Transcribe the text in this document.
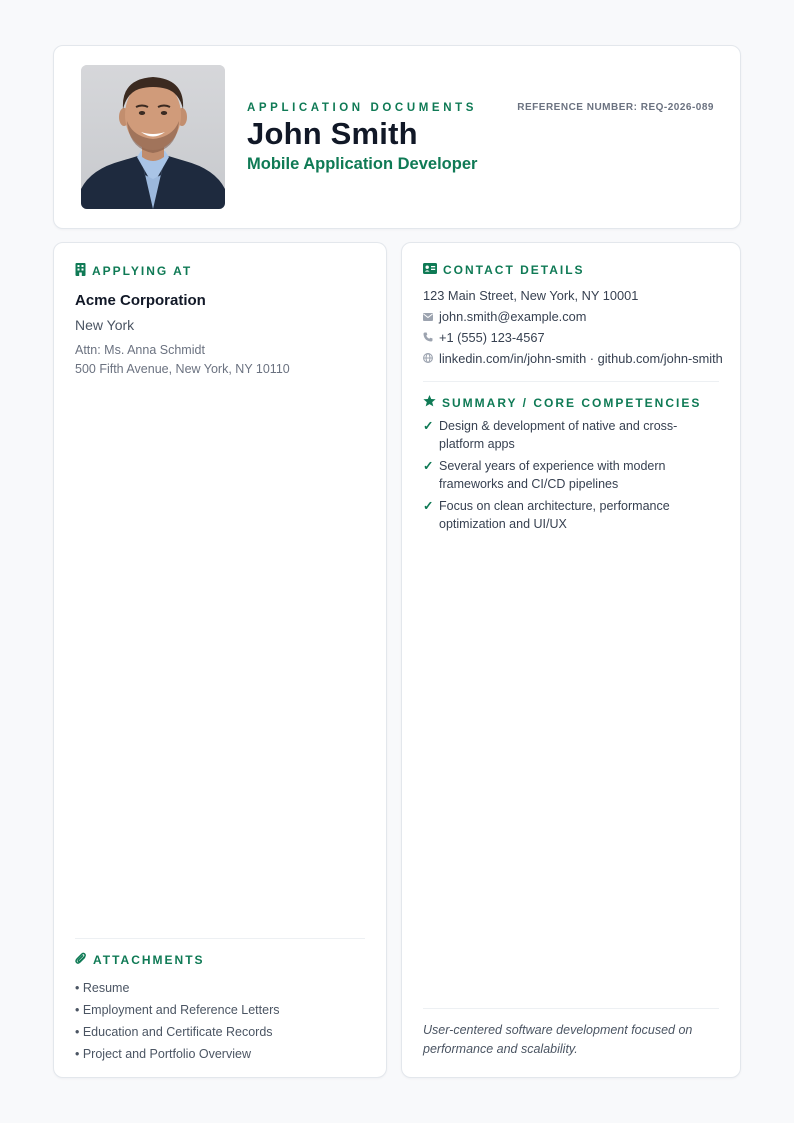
APPLICATION DOCUMENTS	REFERENCE NUMBER: REQ-2026-089
John Smith
Mobile Application Developer
APPLYING AT
Acme Corporation
New York
Attn: Ms. Anna Schmidt
500 Fifth Avenue, New York, NY 10110
ATTACHMENTS
• Resume
• Employment and Reference Letters
• Education and Certificate Records
• Project and Portfolio Overview
CONTACT DETAILS
123 Main Street, New York, NY 10001
john.smith@example.com
+1 (555) 123-4567
linkedin.com/in/john-smith · github.com/john-smith
SUMMARY / CORE COMPETENCIES
✓ Design & development of native and cross-platform apps
✓ Several years of experience with modern frameworks and CI/CD pipelines
✓ Focus on clean architecture, performance optimization and UI/UX
User-centered software development focused on performance and scalability.
